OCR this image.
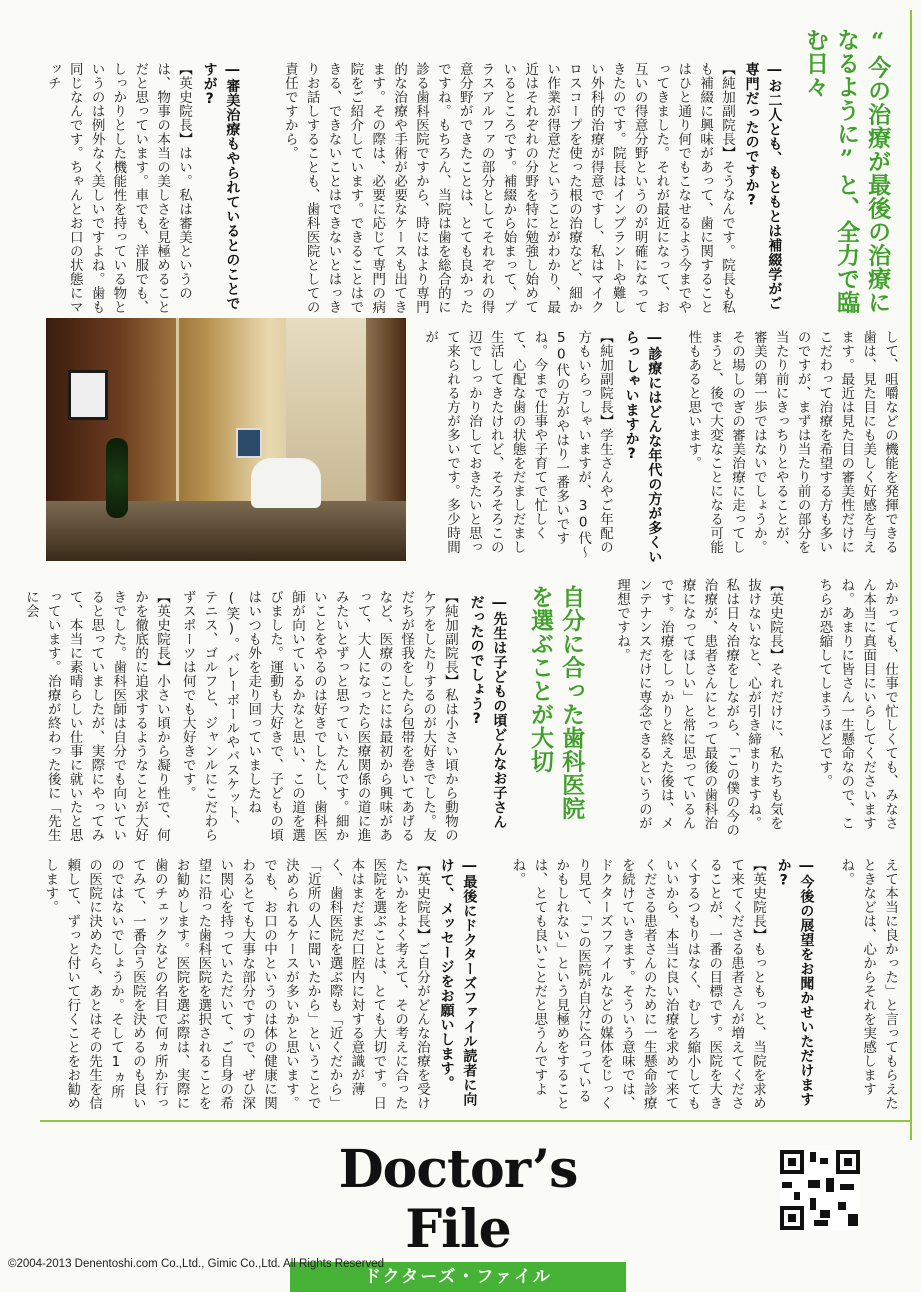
“今の治療が最後の治療になるように”と、全力で臨む日々
―お二人とも、もともとは補綴学がご専門だったのですか?
【純加副院長】そうなんです。院長も私も補綴に興味があって、歯に関することはひと通り何でもこなせるよう今までやってきました。それが最近になって、お互いの得意分野というのが明確になってきたのです。院長はインプラントや難しい外科的治療が得意ですし、私はマイクロスコープを使った根の治療など、細かい作業が得意だということがわかり、最近はそれぞれの分野を特に勉強し始めているところです。補綴から始まって、プラスアルファの部分としてそれぞれの得意分野ができたことは、とても良かったですね。もちろん、当院は歯を総合的に診る歯科医院ですから、時にはより専門的な治療や手術が必要なケースも出てきます。その際は、必要に応じて専門の病院をご紹介しています。できることはできる、できないことはできないとはっきりお話しすることも、歯科医院としての責任ですから。
―審美治療もやられているとのことですが?
【英史院長】はい。私は審美というのは、物事の本当の美しさを見極めることだと思っています。車でも、洋服でも、しっかりとした機能性を持っている物というのは例外なく美しいですよね。歯も同じなんです。ちゃんとお口の状態にマッチ
して、咀嚼などの機能を発揮できる歯は、見た目にも美しく好感を与えます。最近は見た目の審美性だけにこだわって治療を希望する方も多いのですが、まずは当たり前の部分を当たり前にきっちりとやることが、審美の第一歩ではないでしょうか。その場しのぎの審美治療に走ってしまうと、後で大変なことになる可能性もあると思います。
―診療にはどんな年代の方が多くいらっしゃいますか?
【純加副院長】学生さんやご年配の方もいらっしゃいますが、30代～50代の方がやはり一番多いですね。今まで仕事や子育てで忙しくて、心配な歯の状態をだましだまし生活してきたけれど、そろそろこの辺でしっかり治しておきたいと思って来られる方が多いです。多少時間が
かかっても、仕事で忙しくても、みなさん本当に真面目にいらしてくださいますね。あまりに皆さん一生懸命なので、こちらが恐縮してしまうほどです。
【英史院長】それだけに、私たちも気を抜けないなと、心が引き締まりますね。私は日々治療をしながら、「この僕の今の治療が、患者さんにとって最後の歯科治療になってほしい」と常に思っているんです。治療をしっかりと終えた後は、メンテナンスだけに専念できるというのが理想ですね。
自分に合った歯科医院を選ぶことが大切
―先生は子どもの頃どんなお子さんだったのでしょう?
【純加副院長】私は小さい頃から動物のケアをしたりするのが大好きでした。友だちが怪我をしたら包帯を巻いてあげるなど、医療のことには最初から興味があって、大人になったら医療関係の道に進みたいとずっと思っていたんです。細かいことをやるのは好きでしたし、歯科医師が向いているかなと思い、この道を選びました。運動も大好きで、子どもの頃はいつも外を走り回っていましたね(笑)。バレーボールやバスケット、テニス、ゴルフと、ジャンルにこだわらずスポーツは何でも大好きです。
【英史院長】小さい頃から凝り性で、何かを徹底的に追求するようなことが大好きでした。歯科医師は自分でも向いていると思っていましたが、実際にやってみて、本当に素晴らしい仕事に就いたと思っています。治療が終わった後に「先生に会
えて本当に良かった」と言ってもらえたときなどは、心からそれを実感しますね。
―今後の展望をお聞かせいただけますか?
【英史院長】もっともっと、当院を求めて来てくださる患者さんが増えてくださることが、一番の目標です。医院を大きくするつもりはなく、むしろ縮小してもいいから、本当に良い治療を求めて来てくださる患者さんのために一生懸命診療を続けていきます。そういう意味では、ドクターズファイルなどの媒体をじっくり見て、「この医院が自分に合っているかもしれない」という見極めをすることは、とても良いことだと思うんですよね。
―最後にドクターズファイル読者に向けて、メッセージをお願いします。
【英史院長】ご自分がどんな治療を受けたいかをよく考えて、その考えに合った医院を選ぶことは、とても大切です。日本はまだまだ口腔内に対する意識が薄く、歯科医院を選ぶ際も「近くだから」「近所の人に聞いたから」ということで決められるケースが多いかと思います。でも、お口の中というのは体の健康に関わるとても大事な部分ですので、ぜひ深い関心を持っていただいて、ご自身の希望に沿った歯科医院を選択されることをお勧めします。医院を選ぶ際は、実際に歯のチェックなどの名目で何ヵ所か行ってみて、一番合う医院を決めるのも良いのではないでしょうか。そして1ヵ所の医院に決めたら、あとはその先生を信頼して、ずっと付いて行くことをお勧めします。
Doctor’s File
ドクターズ・ファイル
©2004-2013 Denentoshi.com Co.,Ltd., Gimic Co.,Ltd. All Rights Reserved
